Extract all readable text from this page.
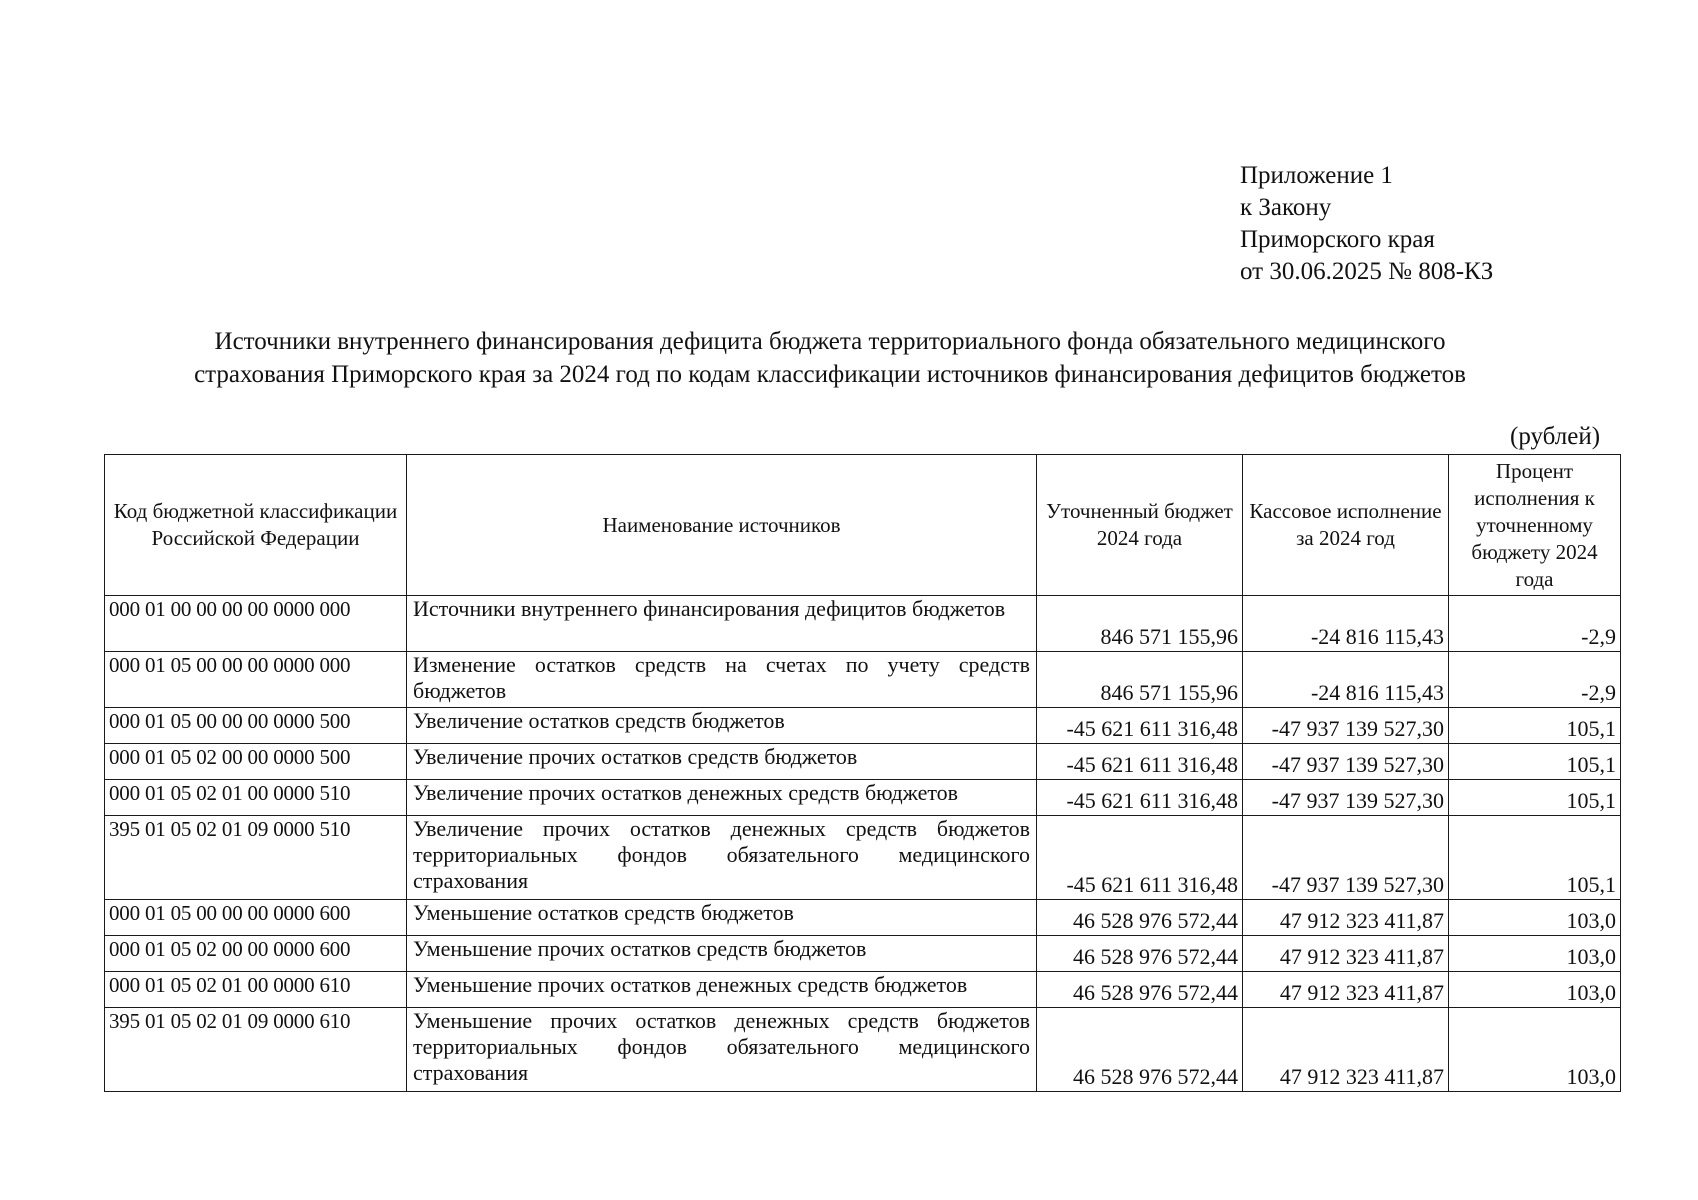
Приложение 1
к Закону
Приморского края
от 30.06.2025 № 808-КЗ
Источники внутреннего финансирования дефицита бюджета территориального фонда обязательного медицинского
страхования Приморского края за 2024 год по кодам классификации источников финансирования дефицитов бюджетов
(рублей)
Код бюджетной классификации Российской Федерации	Наименование источников	Уточненный бюджет 2024 года	Кассовое исполнение за 2024 год	Процент исполнения к уточненному бюджету 2024 года
000 01 00 00 00 00 0000 000	Источники внутреннего финансирования дефицитов бюджетов	846 571 155,96	-24 816 115,43	-2,9
000 01 05 00 00 00 0000 000	Изменение остатков средств на счетах по учету средств бюджетов	846 571 155,96	-24 816 115,43	-2,9
000 01 05 00 00 00 0000 500	Увеличение остатков средств бюджетов	-45 621 611 316,48	-47 937 139 527,30	105,1
000 01 05 02 00 00 0000 500	Увеличение прочих остатков средств бюджетов	-45 621 611 316,48	-47 937 139 527,30	105,1
000 01 05 02 01 00 0000 510	Увеличение прочих остатков денежных средств бюджетов	-45 621 611 316,48	-47 937 139 527,30	105,1
395 01 05 02 01 09 0000 510	Увеличение прочих остатков денежных средств бюджетов территориальных фондов обязательного медицинского страхования	-45 621 611 316,48	-47 937 139 527,30	105,1
000 01 05 00 00 00 0000 600	Уменьшение остатков средств бюджетов	46 528 976 572,44	47 912 323 411,87	103,0
000 01 05 02 00 00 0000 600	Уменьшение прочих остатков средств бюджетов	46 528 976 572,44	47 912 323 411,87	103,0
000 01 05 02 01 00 0000 610	Уменьшение прочих остатков денежных средств бюджетов	46 528 976 572,44	47 912 323 411,87	103,0
395 01 05 02 01 09 0000 610	Уменьшение прочих остатков денежных средств бюджетов территориальных фондов обязательного медицинского страхования	46 528 976 572,44	47 912 323 411,87	103,0
